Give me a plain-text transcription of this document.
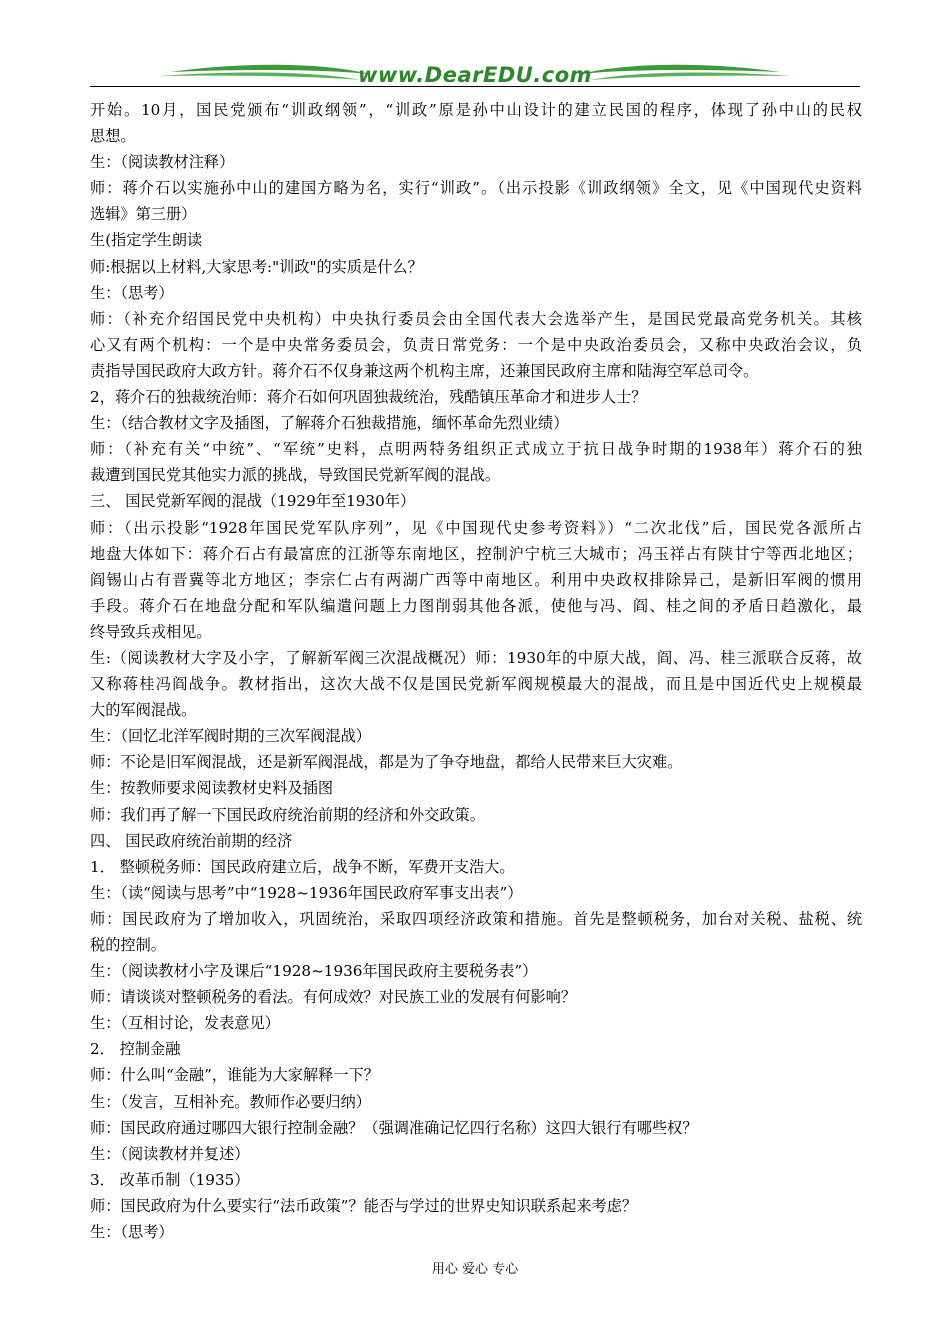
www.DearEDU.com
开始。10月，国民党颁布“训政纲领”，“训政”原是孙中山设计的建立民国的程序，体现了孙中山的民权
思想。
生：（阅读教材注释）
师：蒋介石以实施孙中山的建国方略为名，实行“训政”。（出示投影《训政纲领》全文，见《中国现代史资料
选辑》第三册）
生(指定学生朗读
师:根据以上材料,大家思考:"训政"的实质是什么？
生：（思考）
师：（补充介绍国民党中央机构）中央执行委员会由全国代表大会选举产生，是国民党最高党务机关。其核
心又有两个机构：一个是中央常务委员会，负责日常党务：一个是中央政治委员会，又称中央政治会议，负
责指导国民政府大政方针。蒋介石不仅身兼这两个机构主席，还兼国民政府主席和陆海空军总司令。
2，蒋介石的独裁统治师：蒋介石如何巩固独裁统治，残酷镇压革命才和进步人士？
生：（结合教材文字及插图，了解蒋介石独裁措施，缅怀革命先烈业绩）
师：（补充有关“中统”、“军统”史料，点明两特务组织正式成立于抗日战争时期的1938年）蒋介石的独
裁遭到国民党其他实力派的挑战，导致国民党新军阀的混战。
三、 国民党新军阀的混战（1929年至1930年）
师：（出示投影“1928年国民党军队序列”，见《中国现代史参考资料》）“二次北伐”后，国民党各派所占
地盘大体如下：蒋介石占有最富庶的江浙等东南地区，控制沪宁杭三大城市；冯玉祥占有陕甘宁等西北地区；
阎锡山占有晋冀等北方地区；李宗仁占有两湖广西等中南地区。利用中央政权排除异己，是新旧军阀的惯用
手段。蒋介石在地盘分配和军队编遣问题上力图削弱其他各派，使他与冯、阎、桂之间的矛盾日趋激化，最
终导致兵戎相见。
生:（阅读教材大字及小字，了解新军阀三次混战概况）师：1930年的中原大战，阎、冯、桂三派联合反蒋，故
又称蒋桂冯阎战争。教材指出，这次大战不仅是国民党新军阀规模最大的混战，而且是中国近代史上规模最
大的军阀混战。
生：（回忆北洋军阀时期的三次军阀混战）
师：不论是旧军阀混战，还是新军阀混战，都是为了争夺地盘，都给人民带来巨大灾难。
生：按教师要求阅读教材史料及插图
师：我们再了解一下国民政府统治前期的经济和外交政策。
四、 国民政府统治前期的经济
1． 整顿税务师：国民政府建立后，战争不断，军费开支浩大。
生：（读“阅读与思考”中“1928~1936年国民政府军事支出表”）
师：国民政府为了增加收入，巩固统治，采取四项经济政策和措施。首先是整顿税务，加台对关税、盐税、统
税的控制。
生：（阅读教材小字及课后“1928~1936年国民政府主要税务表”）
师：请谈谈对整顿税务的看法。有何成效？对民族工业的发展有何影响？
生：（互相讨论，发表意见）
2． 控制金融
师：什么叫“金融”，谁能为大家解释一下？
生：（发言，互相补充。教师作必要归纳）
师：国民政府通过哪四大银行控制金融？（强调准确记忆四行名称）这四大银行有哪些权？
生：（阅读教材并复述）
3． 改革币制（1935）
师：国民政府为什么要实行“法币政策”？能否与学过的世界史知识联系起来考虑？
生：（思考）
用心 爱心 专心
